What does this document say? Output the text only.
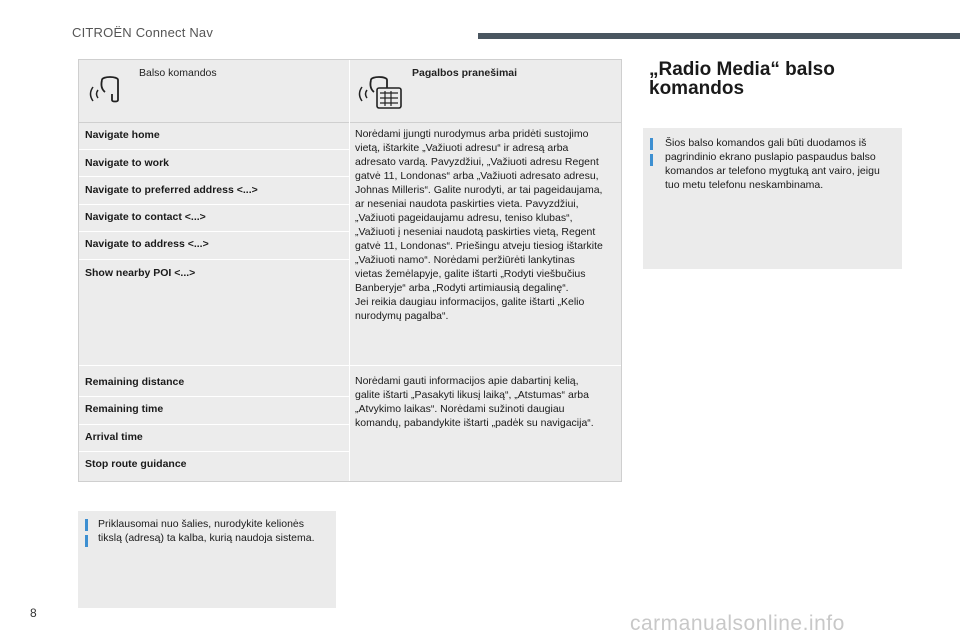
CITROËN Connect Nav
Balso komandos	Pagalbos pranešimai
Navigate home
Navigate to work
Navigate to preferred address <...>
Navigate to contact <...>
Navigate to address <...>
Show nearby POI <...>
Norėdami įjungti nurodymus arba pridėti sustojimo
vietą, ištarkite „Važiuoti adresu“ ir adresą arba
adresato vardą. Pavyzdžiui, „Važiuoti adresu Regent
gatvė 11, Londonas“ arba „Važiuoti adresato adresu,
Johnas Milleris“. Galite nurodyti, ar tai pageidaujama,
ar neseniai naudota paskirties vieta. Pavyzdžiui,
„Važiuoti pageidaujamu adresu, teniso klubas“,
„Važiuoti į neseniai naudotą paskirties vietą, Regent
gatvė 11, Londonas“. Priešingu atveju tiesiog ištarkite
„Važiuoti namo“. Norėdami peržiūrėti lankytinas
vietas žemėlapyje, galite ištarti „Rodyti viešbučius
Banberyje“ arba „Rodyti artimiausią degalinę“.
Jei reikia daugiau informacijos, galite ištarti „Kelio
nurodymų pagalba“.
Remaining distance
Remaining time
Arrival time
Stop route guidance
Norėdami gauti informacijos apie dabartinį kelią,
galite ištarti „Pasakyti likusį laiką“, „Atstumas“ arba
„Atvykimo laikas“. Norėdami sužinoti daugiau
komandų, pabandykite ištarti „padėk su navigacija“.
Priklausomai nuo šalies, nurodykite kelionės
tikslą (adresą) ta kalba, kurią naudoja sistema.
„Radio Media“ balso
komandos
Šios balso komandos gali būti duodamos iš
pagrindinio ekrano puslapio paspaudus balso
komandos ar telefono mygtuką ant vairo, jeigu
tuo metu telefonu neskambinama.
8	carmanualsonline.info
